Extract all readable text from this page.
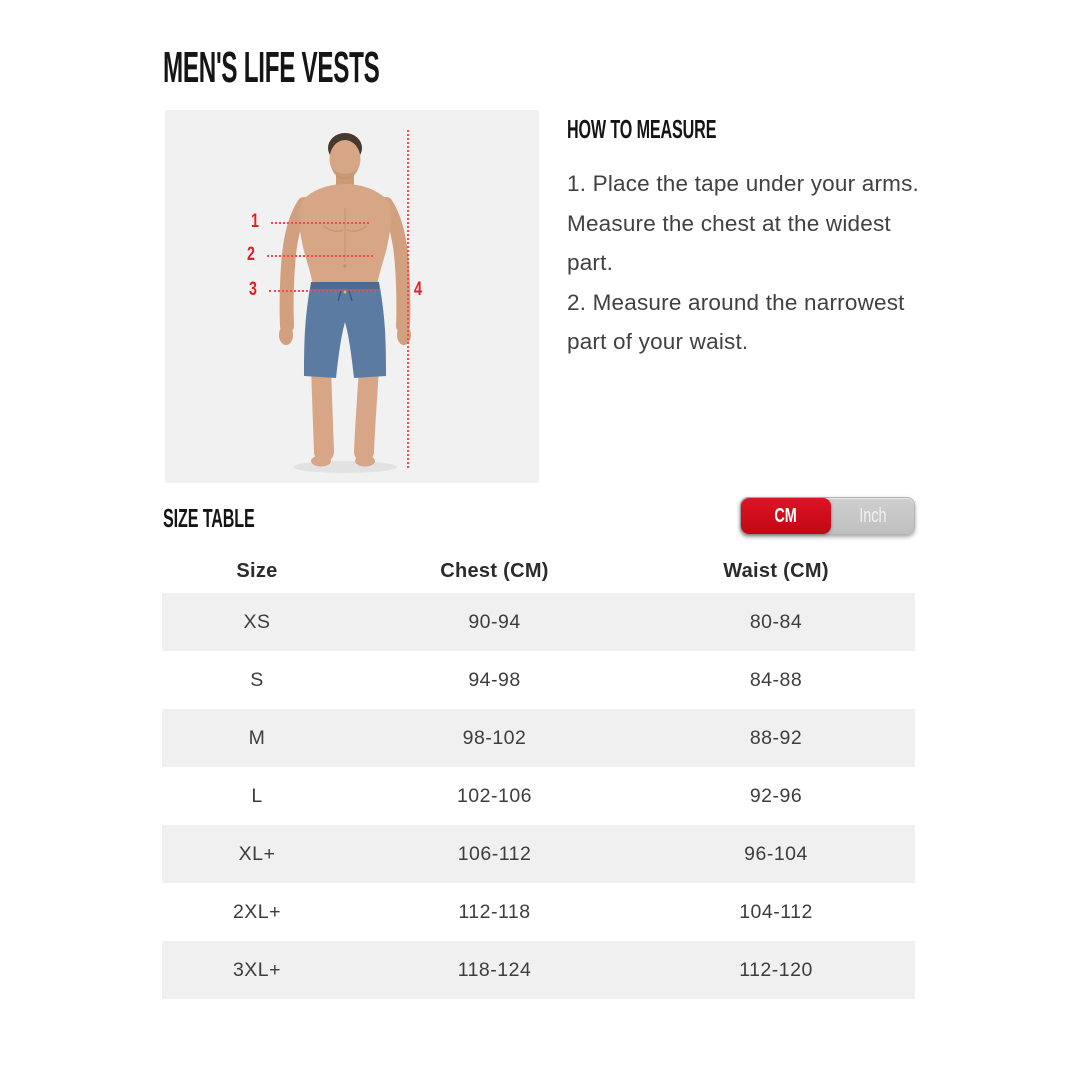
MEN'S LIFE VESTS
1
2
3	4
HOW TO MEASURE

1. Place the tape under your arms. Measure the chest at the widest part.

2. Measure around the narrowest part of your waist.

SIZE TABLE	CM	Inch
Size	Chest (CM)	Waist (CM)
XS	90-94	80-84
S	94-98	84-88
M	98-102	88-92
L	102-106	92-96
XL+	106-112	96-104
2XL+	112-118	104-112
3XL+	118-124	112-120
